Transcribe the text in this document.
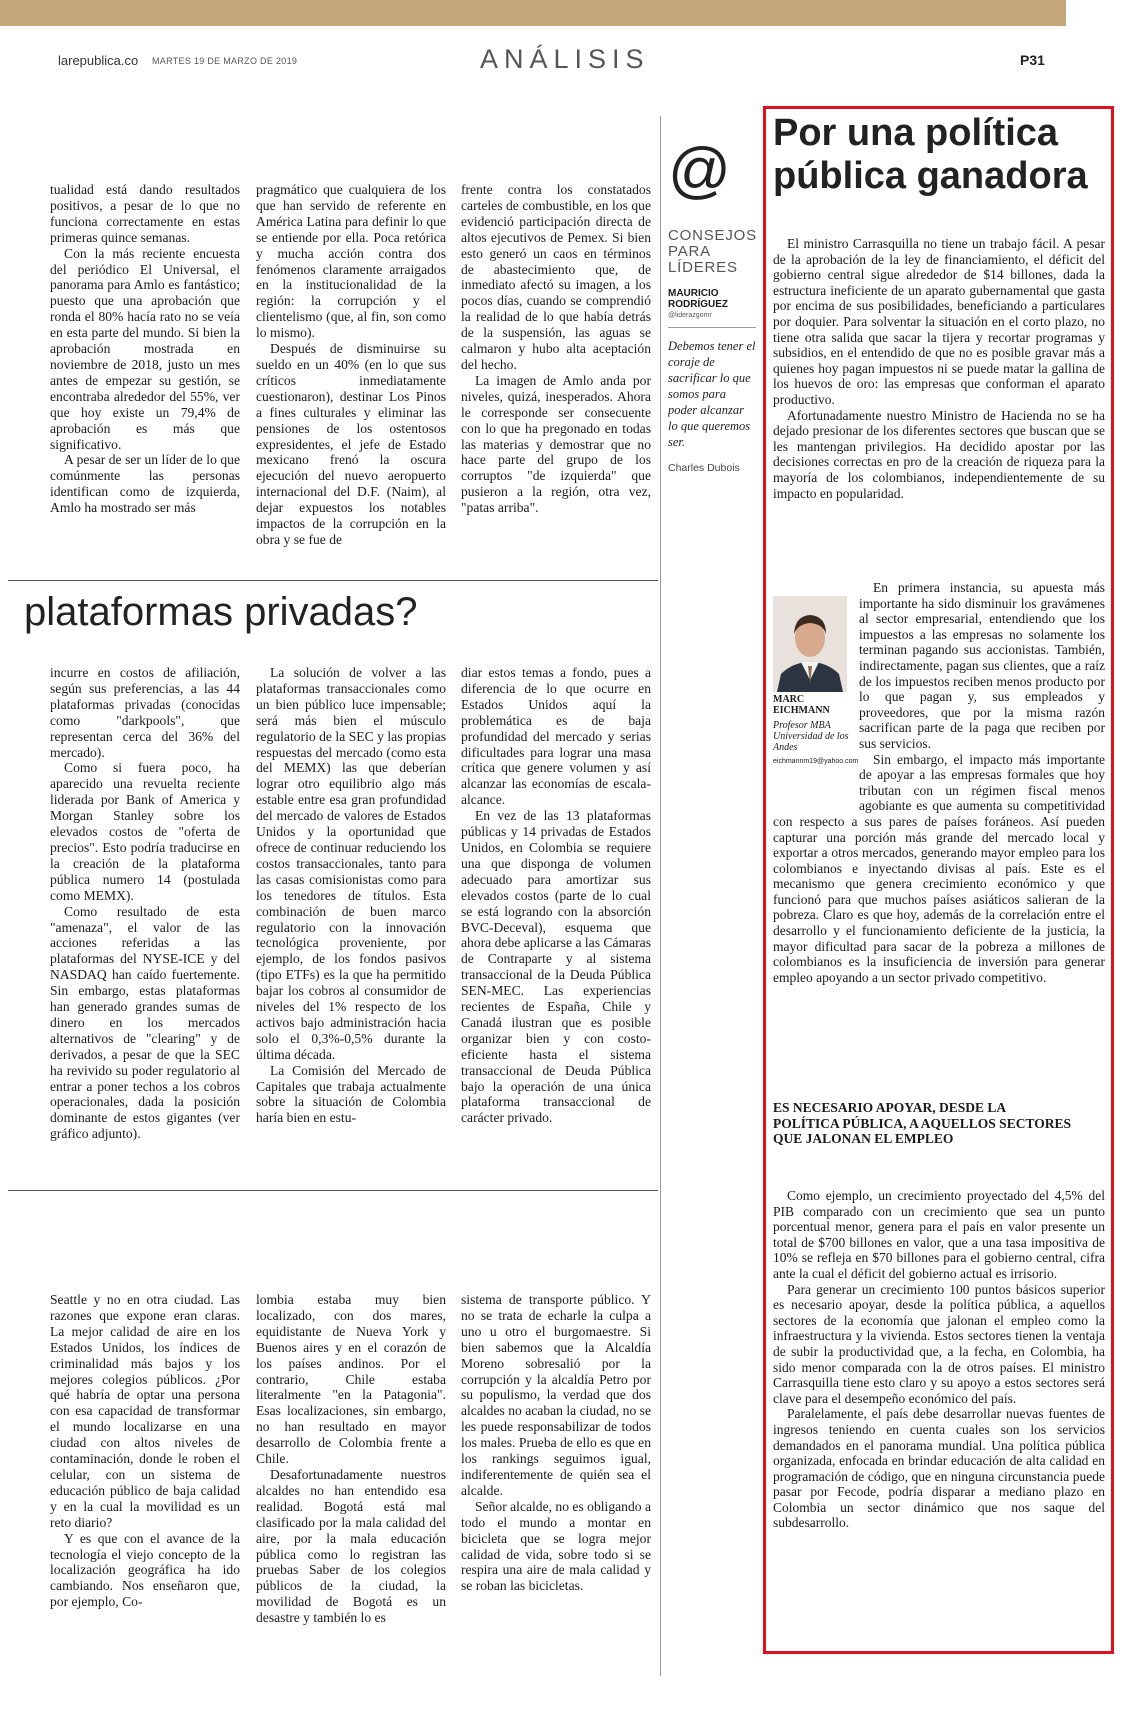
larepublica.co MARTES 19 DE MARZO DE 2019	ANÁLISIS	P31

tualidad está dando resultados positivos, a pesar de lo que no funciona correctamente en estas primeras quince semanas.

Con la más reciente encuesta del periódico El Universal, el panorama para Amlo es fantástico; puesto que una aprobación que ronda el 80% hacía rato no se veía en esta parte del mundo. Si bien la aprobación mostrada en noviembre de 2018, justo un mes antes de empezar su gestión, se encontraba alrededor del 55%, ver que hoy existe un 79,4% de aprobación es más que significativo.

A pesar de ser un líder de lo que comúnmente las personas identifican como de izquierda, Amlo ha mostrado ser más

pragmático que cualquiera de los que han servido de referente en América Latina para definir lo que se entiende por ella. Poca retórica y mucha acción contra dos fenómenos claramente arraigados en la institucionalidad de la región: la corrupción y el clientelismo (que, al fin, son como lo mismo).

Después de disminuirse su sueldo en un 40% (en lo que sus críticos inmediatamente cuestionaron), destinar Los Pinos a fines culturales y eliminar las pensiones de los ostentosos expresidentes, el jefe de Estado mexicano frenó la oscura ejecución del nuevo aeropuerto internacional del D.F. (Naim), al dejar expuestos los notables impactos de la corrupción en la obra y se fue de

frente contra los constatados carteles de combustible, en los que evidenció participación directa de altos ejecutivos de Pemex. Si bien esto generó un caos en términos de abastecimiento que, de inmediato afectó su imagen, a los pocos días, cuando se comprendió la realidad de lo que había detrás de la suspensión, las aguas se calmaron y hubo alta aceptación del hecho.

La imagen de Amlo anda por niveles, quizá, inesperados. Ahora le corresponde ser consecuente con lo que ha pregonado en todas las materias y demostrar que no hace parte del grupo de los corruptos "de izquierda" que pusieron a la región, otra vez, "patas arriba".

plataformas privadas?

incurre en costos de afiliación, según sus preferencias, a las 44 plataformas privadas (conocidas como "darkpools", que representan cerca del 36% del mercado).

Como si fuera poco, ha aparecido una revuelta reciente liderada por Bank of America y Morgan Stanley sobre los elevados costos de "oferta de precios". Esto podría traducirse en la creación de la plataforma pública numero 14 (postulada como MEMX).

Como resultado de esta "amenaza", el valor de las acciones referidas a las plataformas del NYSE-ICE y del NASDAQ han caído fuertemente. Sin embargo, estas plataformas han generado grandes sumas de dinero en los mercados alternativos de "clearing" y de derivados, a pesar de que la SEC ha revivido su poder regulatorio al entrar a poner techos a los cobros operacionales, dada la posición dominante de estos gigantes (ver gráfico adjunto).

La solución de volver a las plataformas transaccionales como un bien público luce impensable; será más bien el músculo regulatorio de la SEC y las propias respuestas del mercado (como esta del MEMX) las que deberían lograr otro equilibrio algo más estable entre esa gran profundidad del mercado de valores de Estados Unidos y la oportunidad que ofrece de continuar reduciendo los costos transaccionales, tanto para las casas comisionistas como para los tenedores de títulos. Esta combinación de buen marco regulatorio con la innovación tecnológica proveniente, por ejemplo, de los fondos pasivos (tipo ETFs) es la que ha permitido bajar los cobros al consumidor de niveles del 1% respecto de los activos bajo administración hacia solo el 0,3%-0,5% durante la última década.

La Comisión del Mercado de Capitales que trabaja actualmente sobre la situación de Colombia haría bien en estu-

diar estos temas a fondo, pues a diferencia de lo que ocurre en Estados Unidos aquí la problemática es de baja profundidad del mercado y serias dificultades para lograr una masa crítica que genere volumen y así alcanzar las economías de escala-alcance.

En vez de las 13 plataformas públicas y 14 privadas de Estados Unidos, en Colombia se requiere una que disponga de volumen adecuado para amortizar sus elevados costos (parte de lo cual se está logrando con la absorción BVC-Deceval), esquema que ahora debe aplicarse a las Cámaras de Contraparte y al sistema transaccional de la Deuda Pública SEN-MEC. Las experiencias recientes de España, Chile y Canadá ilustran que es posible organizar bien y con costo-eficiente hasta el sistema transaccional de Deuda Pública bajo la operación de una única plataforma transaccional de carácter privado.

Seattle y no en otra ciudad. Las razones que expone eran claras. La mejor calidad de aire en los Estados Unidos, los índices de criminalidad más bajos y los mejores colegios públicos. ¿Por qué habría de optar una persona con esa capacidad de transformar el mundo localizarse en una ciudad con altos niveles de contaminación, donde le roben el celular, con un sistema de educación público de baja calidad y en la cual la movilidad es un reto diario?

Y es que con el avance de la tecnología el viejo concepto de la localización geográfica ha ido cambiando. Nos enseñaron que, por ejemplo, Co-

lombia estaba muy bien localizado, con dos mares, equidistante de Nueva York y Buenos aires y en el corazón de los países andinos. Por el contrario, Chile estaba literalmente "en la Patagonia". Esas localizaciones, sin embargo, no han resultado en mayor desarrollo de Colombia frente a Chile.

Desafortunadamente nuestros alcaldes no han entendido esa realidad. Bogotá está mal clasificado por la mala calidad del aire, por la mala educación pública como lo registran las pruebas Saber de los colegios públicos de la ciudad, la movilidad de Bogotá es un desastre y también lo es

sistema de transporte público. Y no se trata de echarle la culpa a uno u otro el burgomaestre. Si bien sabemos que la Alcaldía Moreno sobresalió por la corrupción y la alcaldía Petro por su populismo, la verdad que dos alcaldes no acaban la ciudad, no se les puede responsabilizar de todos los males. Prueba de ello es que en los rankings seguimos igual, indiferentemente de quién sea el alcalde.

Señor alcalde, no es obligando a todo el mundo a montar en bicicleta que se logra mejor calidad de vida, sobre todo si se respira una aire de mala calidad y se roban las bicicletas.

@
CONSEJOS PARA LÍDERES
MAURICIO RODRÍGUEZ
@liderazgomr
Debemos tener el coraje de sacrificar lo que somos para poder alcanzar lo que queremos ser.
Charles Dubois
Por una política pública ganadora

El ministro Carrasquilla no tiene un trabajo fácil. A pesar de la aprobación de la ley de financiamiento, el déficit del gobierno central sigue alrededor de $14 billones, dada la estructura ineficiente de un aparato gubernamental que gasta por encima de sus posibilidades, beneficiando a particulares por doquier. Para solventar la situación en el corto plazo, no tiene otra salida que sacar la tijera y recortar programas y subsidios, en el entendido de que no es posible gravar más a quienes hoy pagan impuestos ni se puede matar la gallina de los huevos de oro: las empresas que conforman el aparato productivo.

Afortunadamente nuestro Ministro de Hacienda no se ha dejado presionar de los diferentes sectores que buscan que se les mantengan privilegios. Ha decidido apostar por las decisiones correctas en pro de la creación de riqueza para la mayoría de los colombianos, independientemente de su impacto en popularidad.

MARC EICHMANN
Profesor MBA Universidad de los Andes
eichmannm19@yahoo.com

En primera instancia, su apuesta más importante ha sido disminuir los gravámenes al sector empresarial, entendiendo que los impuestos a las empresas no solamente los terminan pagando sus accionistas. También, indirectamente, pagan sus clientes, que a raíz de los impuestos reciben menos producto por lo que pagan y, sus empleados y proveedores, que por la misma razón sacrifican parte de la paga que reciben por sus servicios.

Sin embargo, el impacto más importante de apoyar a las empresas formales que hoy tributan con un régimen fiscal menos agobiante es que aumenta su competitividad con respecto a sus pares de países foráneos. Así pueden capturar una porción más grande del mercado local y exportar a otros mercados, generando mayor empleo para los colombianos e inyectando divisas al país. Este es el mecanismo que genera crecimiento económico y que funcionó para que muchos países asiáticos salieran de la pobreza. Claro es que hoy, además de la correlación entre el desarrollo y el funcionamiento deficiente de la justicia, la mayor dificultad para sacar de la pobreza a millones de colombianos es la insuficiencia de inversión para generar empleo apoyando a un sector privado competitivo.

ES NECESARIO APOYAR, DESDE LA POLÍTICA PÚBLICA, A AQUELLOS SECTORES QUE JALONAN EL EMPLEO

Como ejemplo, un crecimiento proyectado del 4,5% del PIB comparado con un crecimiento que sea un punto porcentual menor, genera para el país en valor presente un total de $700 billones en valor, que a una tasa impositiva de 10% se refleja en $70 billones para el gobierno central, cifra ante la cual el déficit del gobierno actual es irrisorio.

Para generar un crecimiento 100 puntos básicos superior es necesario apoyar, desde la política pública, a aquellos sectores de la economía que jalonan el empleo como la infraestructura y la vivienda. Estos sectores tienen la ventaja de subir la productividad que, a la fecha, en Colombia, ha sido menor comparada con la de otros países. El ministro Carrasquilla tiene esto claro y su apoyo a estos sectores será clave para el desempeño económico del país.

Paralelamente, el país debe desarrollar nuevas fuentes de ingresos teniendo en cuenta cuales son los servicios demandados en el panorama mundial. Una política pública organizada, enfocada en brindar educación de alta calidad en programación de código, que en ninguna circunstancia puede pasar por Fecode, podría disparar a mediano plazo en Colombia un sector dinámico que nos saque del subdesarrollo.
